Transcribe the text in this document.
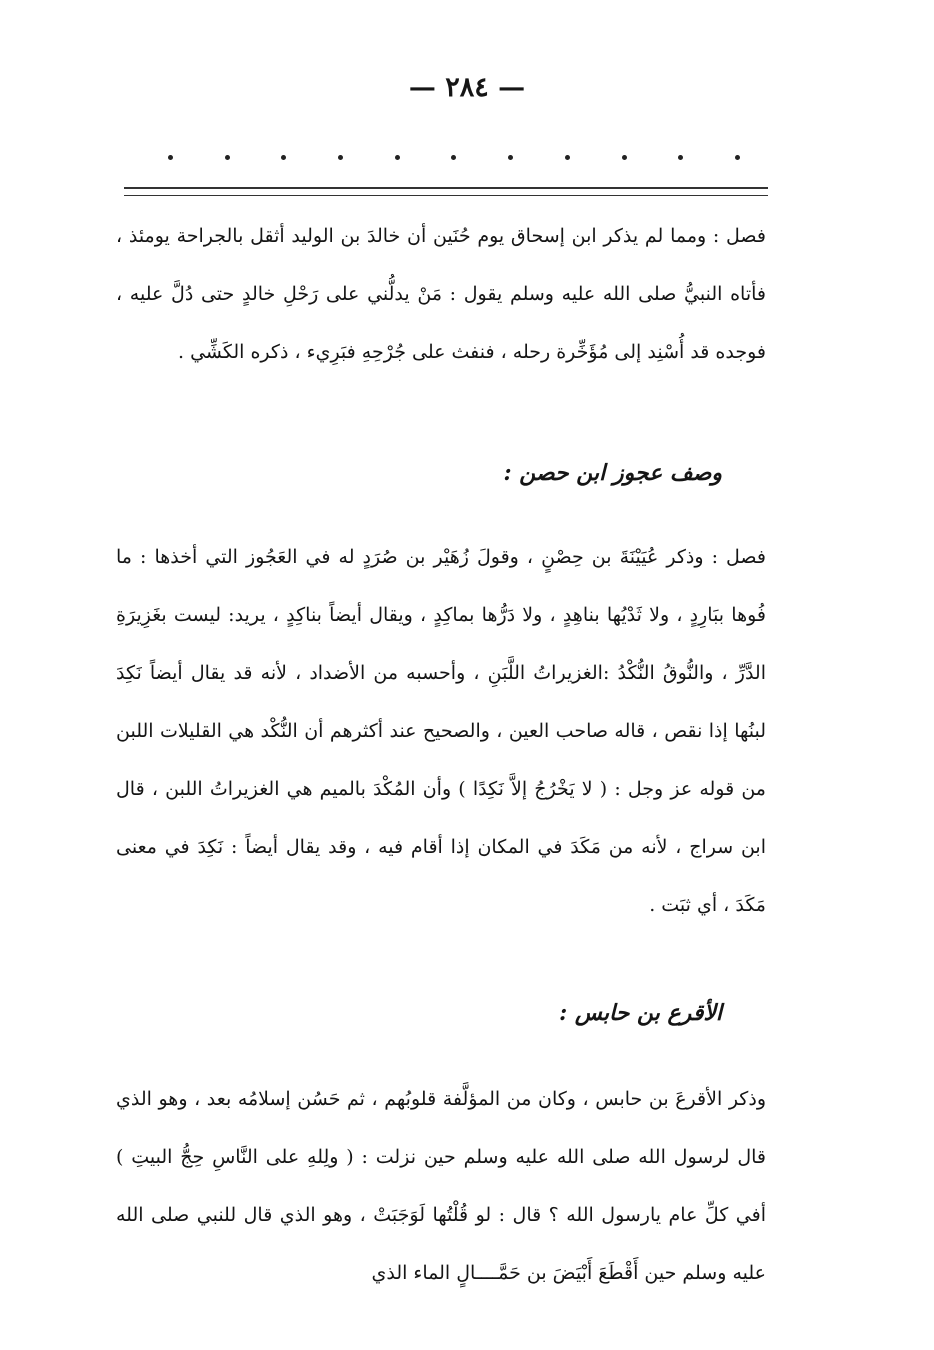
— ٢٨٤ —

فصل : ومما لم يذكر ابن إسحاق يوم حُنَين أن خالدَ بن الوليد أثقل بالجراحة يومئذ ، فأتاه النبيُّ صلى الله عليه وسلم يقول : مَنْ يدلُّني على رَحْلِ خالدٍ حتى دُلَّ عليه ، فوجده قد أُسْنِد إلى مُؤَخِّرة رحله ، فنفث على جُرْحِهِ فبَرِيء ، ذكره الكَشِّي .

وصف عجوز ابن حصن :

فصل : وذكر عُيَيْنَةَ بن حِصْنٍ ، وقولَ زُهَيْر بن صُرَدٍ له في العَجُوز التي أخذها : ما فُوها ببَارِدٍ ، ولا ثَدْيُها بناهِدٍ ، ولا دَرُّها بماكِدٍ ، ويقال أيضاً بناكِدٍ ، يريد: ليست بغَزِيرَةِ الدَّرِّ ، والنُّوقُ النُّكْدُ :الغزيراتُ اللَّبَنِ ، وأحسبه من الأضداد ، لأنه قد يقال أيضاً نَكِدَ لبنُها إذا نقص ، قاله صاحب العين ، والصحيح عند أكثرهم أن النُّكْد هي القليلات اللبن من قوله عز وجل : ( لا يَخْرُجُ إلاَّ نَكِدًا ) وأن المُكْدَ بالميم هي الغزيراتُ اللبن ، قال ابن سراج ، لأنه من مَكَدَ في المكان إذا أقام فيه ، وقد يقال أيضاً : نَكِدَ في معنى مَكَدَ ، أي ثبَت .

الأقرع بن حابس :

وذكر الأقرعَ بن حابس ، وكان من المؤلَّفة قلوبُهم ، ثم حَسُن إسلامُه بعد ، وهو الذي قال لرسول الله صلى الله عليه وسلم حين نزلت : ( ولِلهِ على النَّاسِ حِجُّ البيتِ ) أفي كلِّ عام يارسول الله ؟ قال : لو قُلْتُها لَوَجَبَتْ ، وهو الذي قال للنبي صلى الله عليه وسلم حين أَقْطَعَ أَبْيَضَ بن حَمَّــــالٍ الماء الذي
